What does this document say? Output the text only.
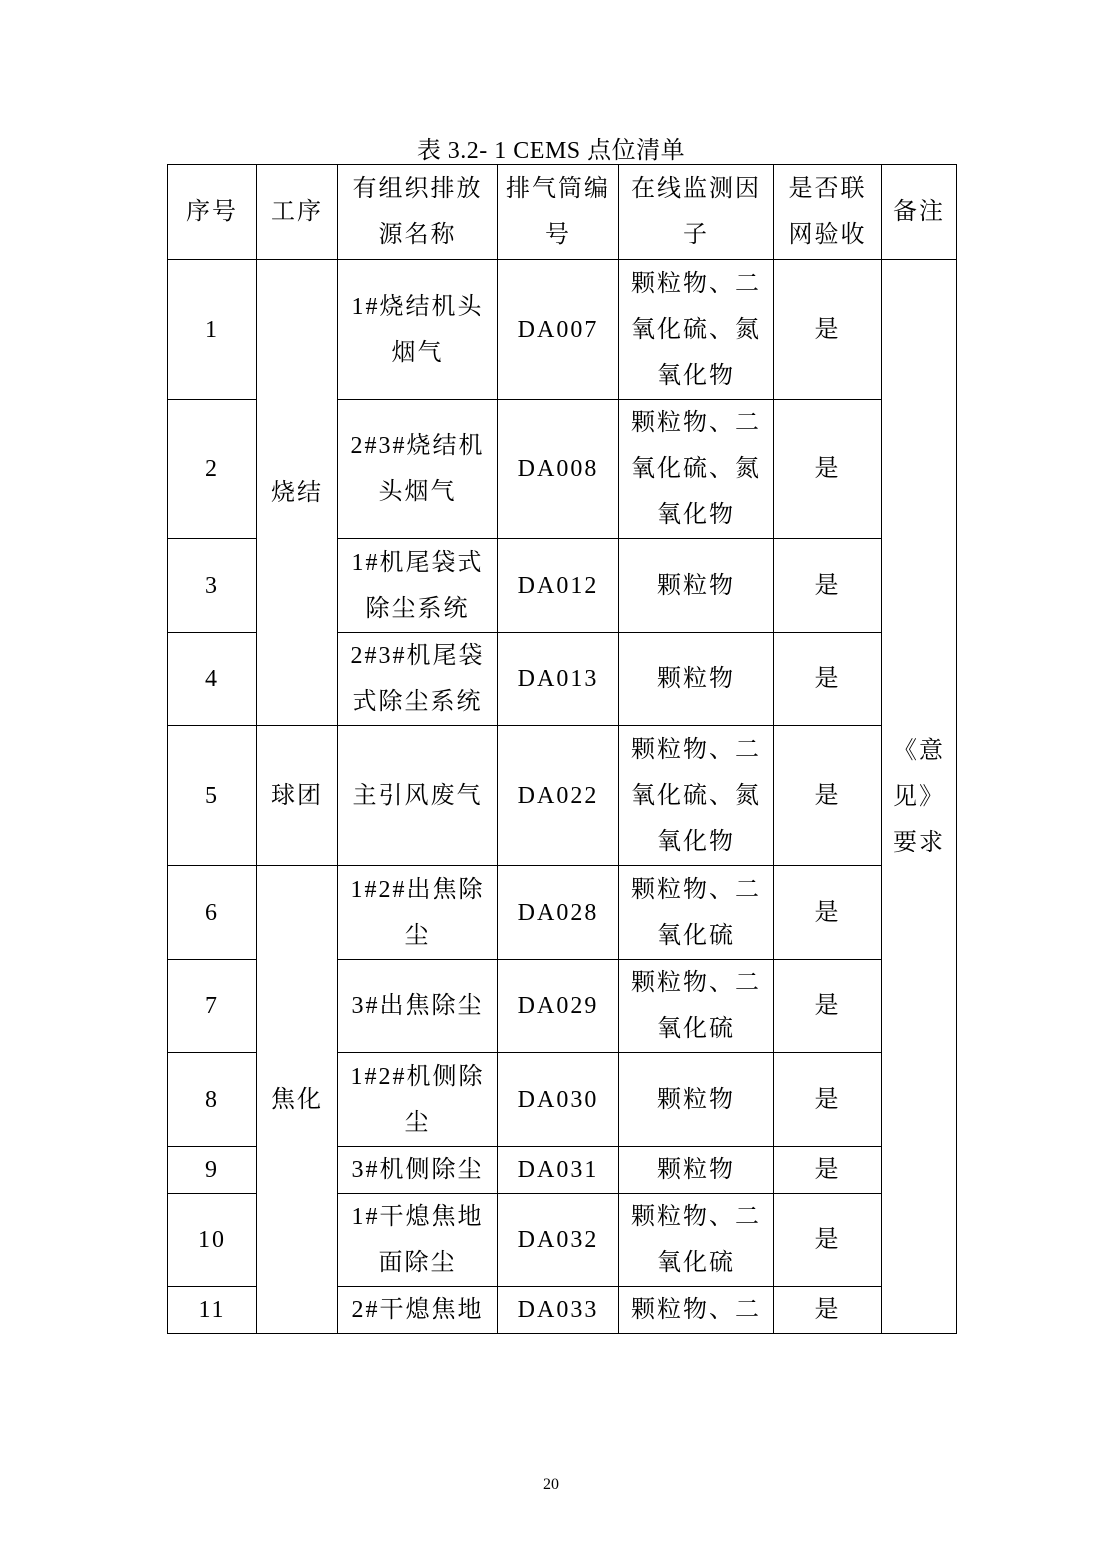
表 3.2- 1 CEMS 点位清单
序号	工序	有组织排放源名称	排气筒编号	在线监测因子	是否联网验收	备注
1	烧结	1#烧结机头烟气	DA007	颗粒物、二氧化硫、氮氧化物	是	《意见》要求
2		2#3#烧结机头烟气	DA008	颗粒物、二氧化硫、氮氧化物	是	
3		1#机尾袋式除尘系统	DA012	颗粒物	是	
4		2#3#机尾袋式除尘系统	DA013	颗粒物	是	
5	球团	主引风废气	DA022	颗粒物、二氧化硫、氮氧化物	是	
6	焦化	1#2#出焦除尘	DA028	颗粒物、二氧化硫	是	
7		3#出焦除尘	DA029	颗粒物、二氧化硫	是	
8		1#2#机侧除尘	DA030	颗粒物	是	
9		3#机侧除尘	DA031	颗粒物	是	
10		1#干熄焦地面除尘	DA032	颗粒物、二氧化硫	是	
11		2#干熄焦地	DA033	颗粒物、二	是	
20
